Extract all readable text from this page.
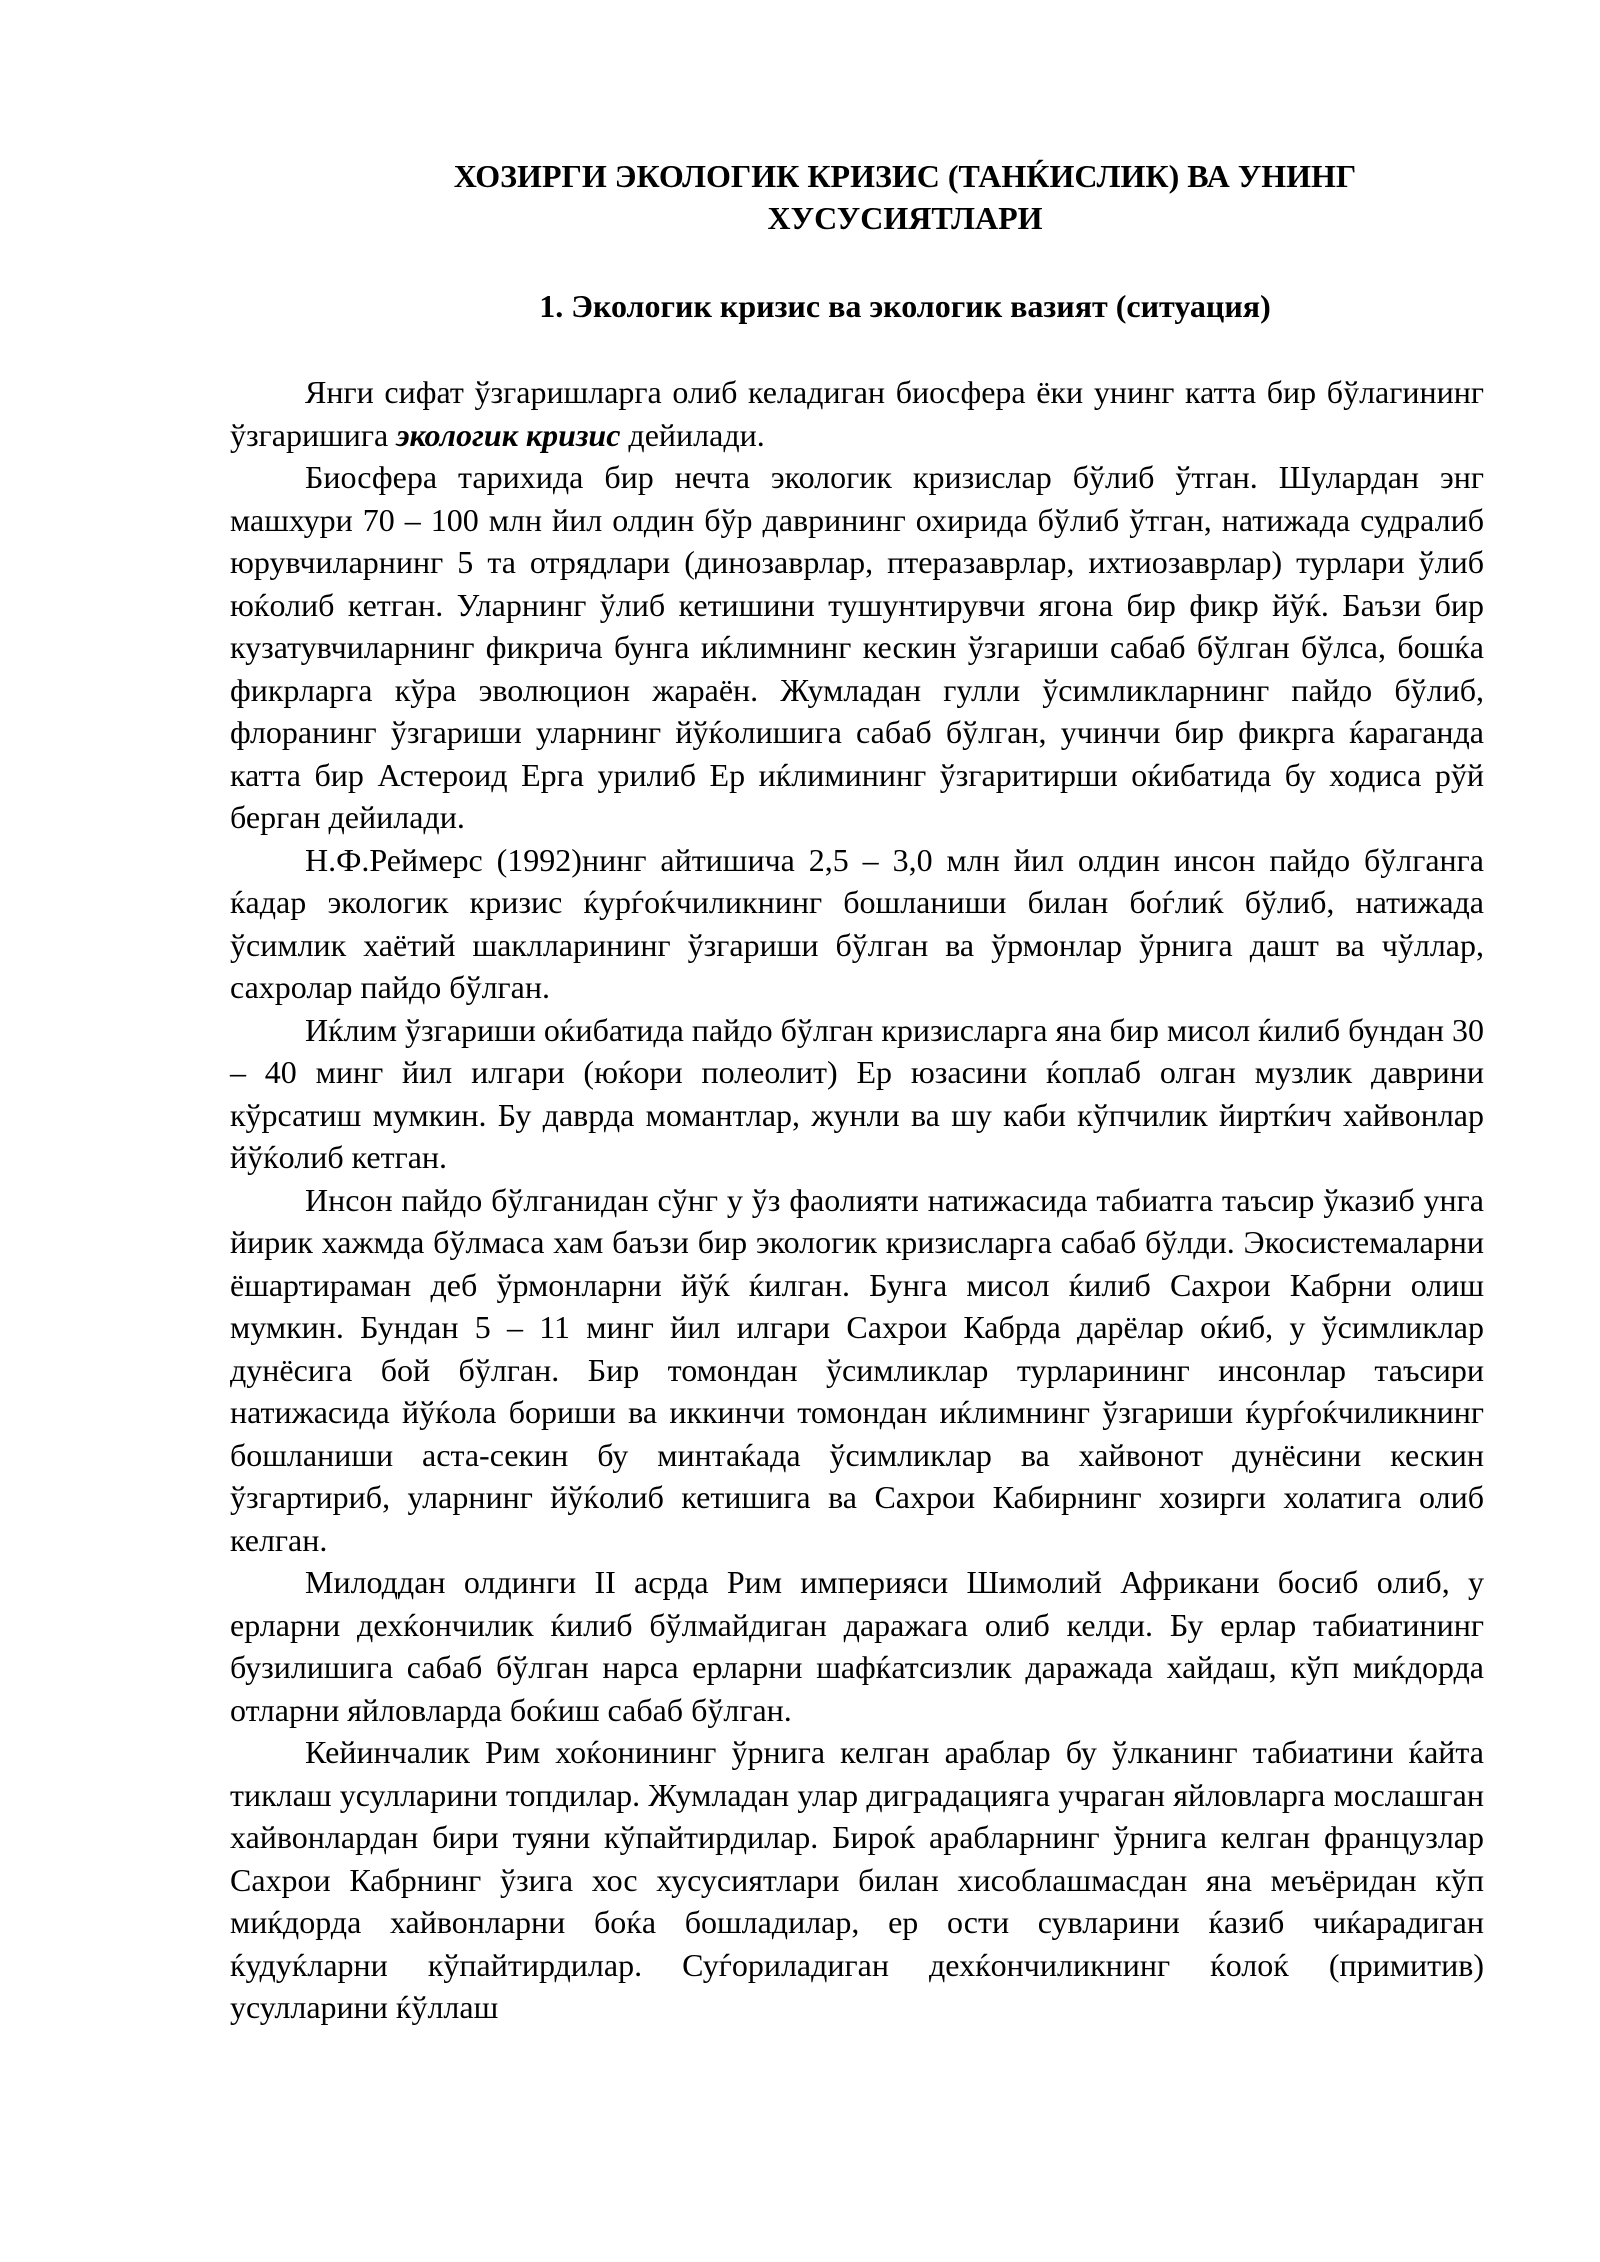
ХОЗИРГИ ЭКОЛОГИК КРИЗИС (ТАНЌИСЛИК) ВА УНИНГ
ХУСУСИЯТЛАРИ
1. Экологик кризис ва экологик вазият (ситуация)

Янги сифат ўзгаришларга олиб келадиган биосфера ёки унинг катта бир бўлагининг ўзгаришига экологик кризис дейилади.

Биосфера тарихида бир нечта экологик кризислар бўлиб ўтган. Шулардан энг машхури 70 – 100 млн йил олдин бўр даврининг охирида бўлиб ўтган, натижада судралиб юрувчиларнинг 5 та отрядлари (динозаврлар, птеразаврлар, ихтиозаврлар) турлари ўлиб юќолиб кетган. Уларнинг ўлиб кетишини тушунтирувчи ягона бир фикр йўќ. Баъзи бир кузатувчиларнинг фикрича бунга иќлимнинг кескин ўзгариши сабаб бўлган бўлса, бошќа фикрларга кўра эволюцион жараён. Жумладан гулли ўсимликларнинг пайдо бўлиб, флоранинг ўзгариши уларнинг йўќолишига сабаб бўлган, учинчи бир фикрга ќараганда катта бир Астероид Ерга урилиб Ер иќлимининг ўзгаритирши оќибатида бу ходиса рўй берган дейилади.

Н.Ф.Реймерс (1992)нинг айтишича 2,5 – 3,0 млн йил олдин инсон пайдо бўлганга ќадар экологик кризис ќурѓоќчиликнинг бошланиши билан боѓлиќ бўлиб, натижада ўсимлик хаётий шаклларининг ўзгариши бўлган ва ўрмонлар ўрнига дашт ва чўллар, сахролар пайдо бўлган.

Иќлим ўзгариши оќибатида пайдо бўлган кризисларга яна бир мисол ќилиб бундан 30 – 40 минг йил илгари (юќори полеолит) Ер юзасини ќоплаб олган музлик даврини кўрсатиш мумкин. Бу даврда момантлар, жунли ва шу каби кўпчилик йиртќич хайвонлар йўќолиб кетган.

Инсон пайдо бўлганидан сўнг у ўз фаолияти натижасида табиатга таъсир ўказиб унга йирик хажмда бўлмаса хам баъзи бир экологик кризисларга сабаб бўлди. Экосистемаларни ёшартираман деб ўрмонларни йўќ ќилган. Бунга мисол ќилиб Сахрои Кабрни олиш мумкин. Бундан 5 – 11 минг йил илгари Сахрои Кабрда дарёлар оќиб, у ўсимликлар дунёсига бой бўлган. Бир томондан ўсимликлар турларининг инсонлар таъсири натижасида йўќола бориши ва иккинчи томондан иќлимнинг ўзгариши ќурѓоќчиликнинг бошланиши аста-секин бу минтаќада ўсимликлар ва хайвонот дунёсини кескин ўзгартириб, уларнинг йўќолиб кетишига ва Сахрои Кабирнинг хозирги холатига олиб келган.

Милоддан олдинги II асрда Рим империяси Шимолий Африкани босиб олиб, у ерларни дехќончилик ќилиб бўлмайдиган даражага олиб келди. Бу ерлар табиатининг бузилишига сабаб бўлган нарса ерларни шафќатсизлик даражада хайдаш, кўп миќдорда отларни яйловларда боќиш сабаб бўлган.

Кейинчалик Рим хоќонининг ўрнига келган араблар бу ўлканинг табиатини ќайта тиклаш усулларини топдилар. Жумладан улар диградацияга учраган яйловларга мослашган хайвонлардан бири туяни кўпайтирдилар. Бироќ арабларнинг ўрнига келган французлар Сахрои Кабрнинг ўзига хос хусусиятлари билан хисоблашмасдан яна меъёридан кўп миќдорда хайвонларни боќа бошладилар, ер ости сувларини ќазиб чиќарадиган ќудуќларни кўпайтирдилар. Суѓориладиган дехќончиликнинг ќолоќ (примитив) усулларини ќўллаш
